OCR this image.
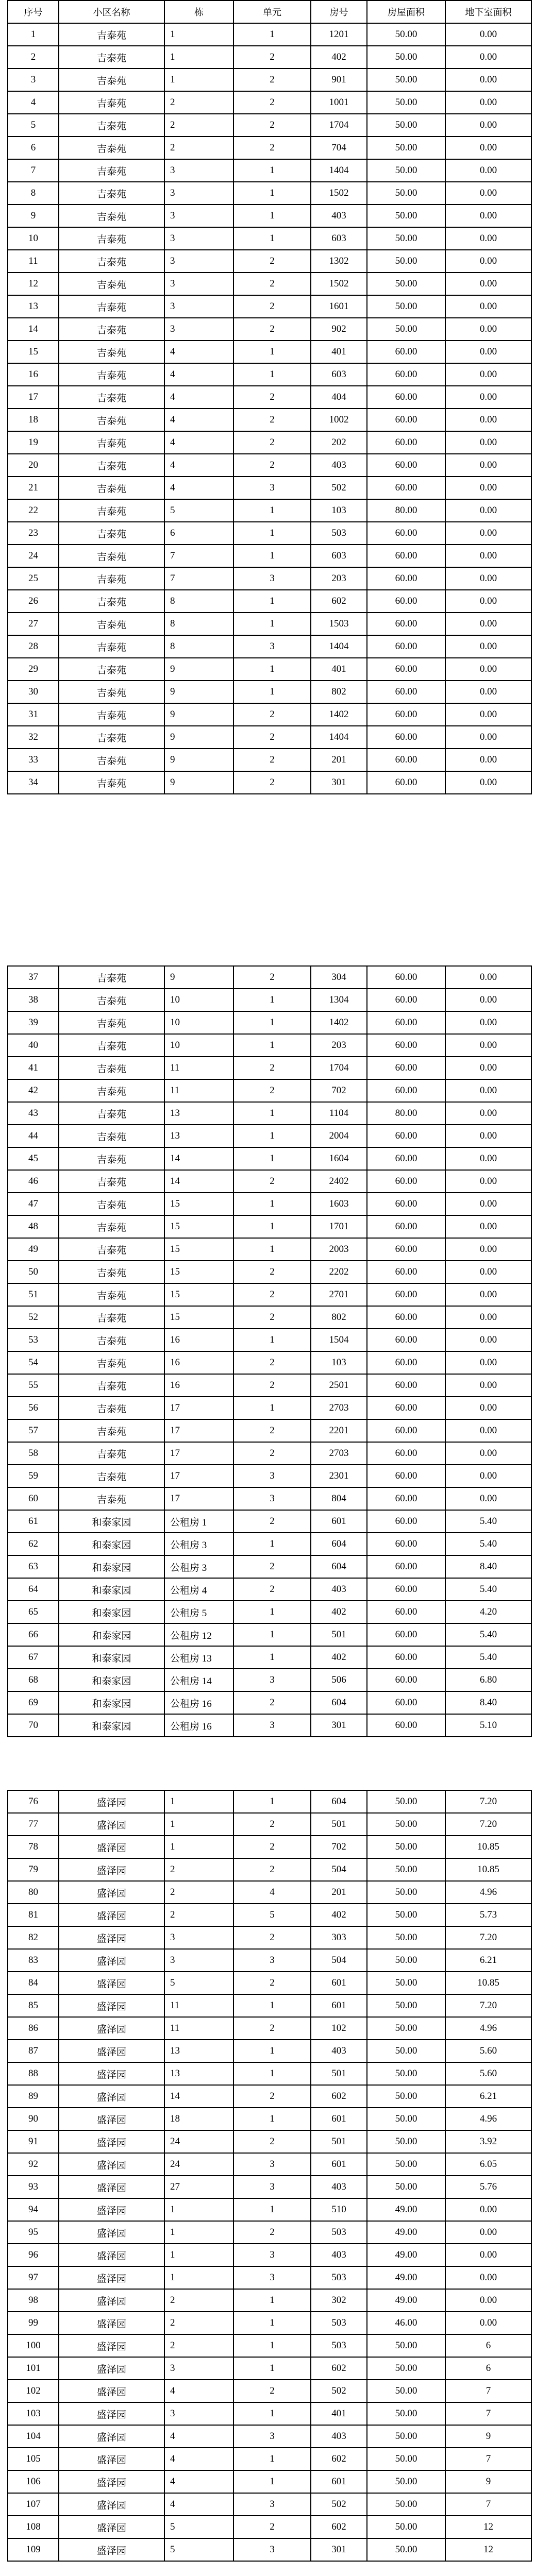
序号	小区名称	栋	单元	房号	房屋面积	地下室面积
1	吉泰苑	1	1	1201	50.00	0.00
2	吉泰苑	1	2	402	50.00	0.00
3	吉泰苑	1	2	901	50.00	0.00
4	吉泰苑	2	2	1001	50.00	0.00
5	吉泰苑	2	2	1704	50.00	0.00
6	吉泰苑	2	2	704	50.00	0.00
7	吉泰苑	3	1	1404	50.00	0.00
8	吉泰苑	3	1	1502	50.00	0.00
9	吉泰苑	3	1	403	50.00	0.00
10	吉泰苑	3	1	603	50.00	0.00
11	吉泰苑	3	2	1302	50.00	0.00
12	吉泰苑	3	2	1502	50.00	0.00
13	吉泰苑	3	2	1601	50.00	0.00
14	吉泰苑	3	2	902	50.00	0.00
15	吉泰苑	4	1	401	60.00	0.00
16	吉泰苑	4	1	603	60.00	0.00
17	吉泰苑	4	2	404	60.00	0.00
18	吉泰苑	4	2	1002	60.00	0.00
19	吉泰苑	4	2	202	60.00	0.00
20	吉泰苑	4	2	403	60.00	0.00
21	吉泰苑	4	3	502	60.00	0.00
22	吉泰苑	5	1	103	80.00	0.00
23	吉泰苑	6	1	503	60.00	0.00
24	吉泰苑	7	1	603	60.00	0.00
25	吉泰苑	7	3	203	60.00	0.00
26	吉泰苑	8	1	602	60.00	0.00
27	吉泰苑	8	1	1503	60.00	0.00
28	吉泰苑	8	3	1404	60.00	0.00
29	吉泰苑	9	1	401	60.00	0.00
30	吉泰苑	9	1	802	60.00	0.00
31	吉泰苑	9	2	1402	60.00	0.00
32	吉泰苑	9	2	1404	60.00	0.00
33	吉泰苑	9	2	201	60.00	0.00
34	吉泰苑	9	2	301	60.00	0.00
37	吉泰苑	9	2	304	60.00	0.00
38	吉泰苑	10	1	1304	60.00	0.00
39	吉泰苑	10	1	1402	60.00	0.00
40	吉泰苑	10	1	203	60.00	0.00
41	吉泰苑	11	2	1704	60.00	0.00
42	吉泰苑	11	2	702	60.00	0.00
43	吉泰苑	13	1	1104	80.00	0.00
44	吉泰苑	13	1	2004	60.00	0.00
45	吉泰苑	14	1	1604	60.00	0.00
46	吉泰苑	14	2	2402	60.00	0.00
47	吉泰苑	15	1	1603	60.00	0.00
48	吉泰苑	15	1	1701	60.00	0.00
49	吉泰苑	15	1	2003	60.00	0.00
50	吉泰苑	15	2	2202	60.00	0.00
51	吉泰苑	15	2	2701	60.00	0.00
52	吉泰苑	15	2	802	60.00	0.00
53	吉泰苑	16	1	1504	60.00	0.00
54	吉泰苑	16	2	103	60.00	0.00
55	吉泰苑	16	2	2501	60.00	0.00
56	吉泰苑	17	1	2703	60.00	0.00
57	吉泰苑	17	2	2201	60.00	0.00
58	吉泰苑	17	2	2703	60.00	0.00
59	吉泰苑	17	3	2301	60.00	0.00
60	吉泰苑	17	3	804	60.00	0.00
61	和泰家园	公租房 1	2	601	60.00	5.40
62	和泰家园	公租房 3	1	604	60.00	5.40
63	和泰家园	公租房 3	2	604	60.00	8.40
64	和泰家园	公租房 4	2	403	60.00	5.40
65	和泰家园	公租房 5	1	402	60.00	4.20
66	和泰家园	公租房 12	1	501	60.00	5.40
67	和泰家园	公租房 13	1	402	60.00	5.40
68	和泰家园	公租房 14	3	506	60.00	6.80
69	和泰家园	公租房 16	2	604	60.00	8.40
70	和泰家园	公租房 16	3	301	60.00	5.10
76	盛泽园	1	1	604	50.00	7.20
77	盛泽园	1	2	501	50.00	7.20
78	盛泽园	1	2	702	50.00	10.85
79	盛泽园	2	2	504	50.00	10.85
80	盛泽园	2	4	201	50.00	4.96
81	盛泽园	2	5	402	50.00	5.73
82	盛泽园	3	2	303	50.00	7.20
83	盛泽园	3	3	504	50.00	6.21
84	盛泽园	5	2	601	50.00	10.85
85	盛泽园	11	1	601	50.00	7.20
86	盛泽园	11	2	102	50.00	4.96
87	盛泽园	13	1	403	50.00	5.60
88	盛泽园	13	1	501	50.00	5.60
89	盛泽园	14	2	602	50.00	6.21
90	盛泽园	18	1	601	50.00	4.96
91	盛泽园	24	2	501	50.00	3.92
92	盛泽园	24	3	601	50.00	6.05
93	盛泽园	27	3	403	50.00	5.76
94	盛泽园	1	1	510	49.00	0.00
95	盛泽园	1	2	503	49.00	0.00
96	盛泽园	1	3	403	49.00	0.00
97	盛泽园	1	3	503	49.00	0.00
98	盛泽园	2	1	302	49.00	0.00
99	盛泽园	2	1	503	46.00	0.00
100	盛泽园	2	1	503	50.00	6
101	盛泽园	3	1	602	50.00	6
102	盛泽园	4	2	502	50.00	7
103	盛泽园	3	1	401	50.00	7
104	盛泽园	4	3	403	50.00	9
105	盛泽园	4	1	602	50.00	7
106	盛泽园	4	1	601	50.00	9
107	盛泽园	4	3	502	50.00	7
108	盛泽园	5	2	602	50.00	12
109	盛泽园	5	3	301	50.00	12
